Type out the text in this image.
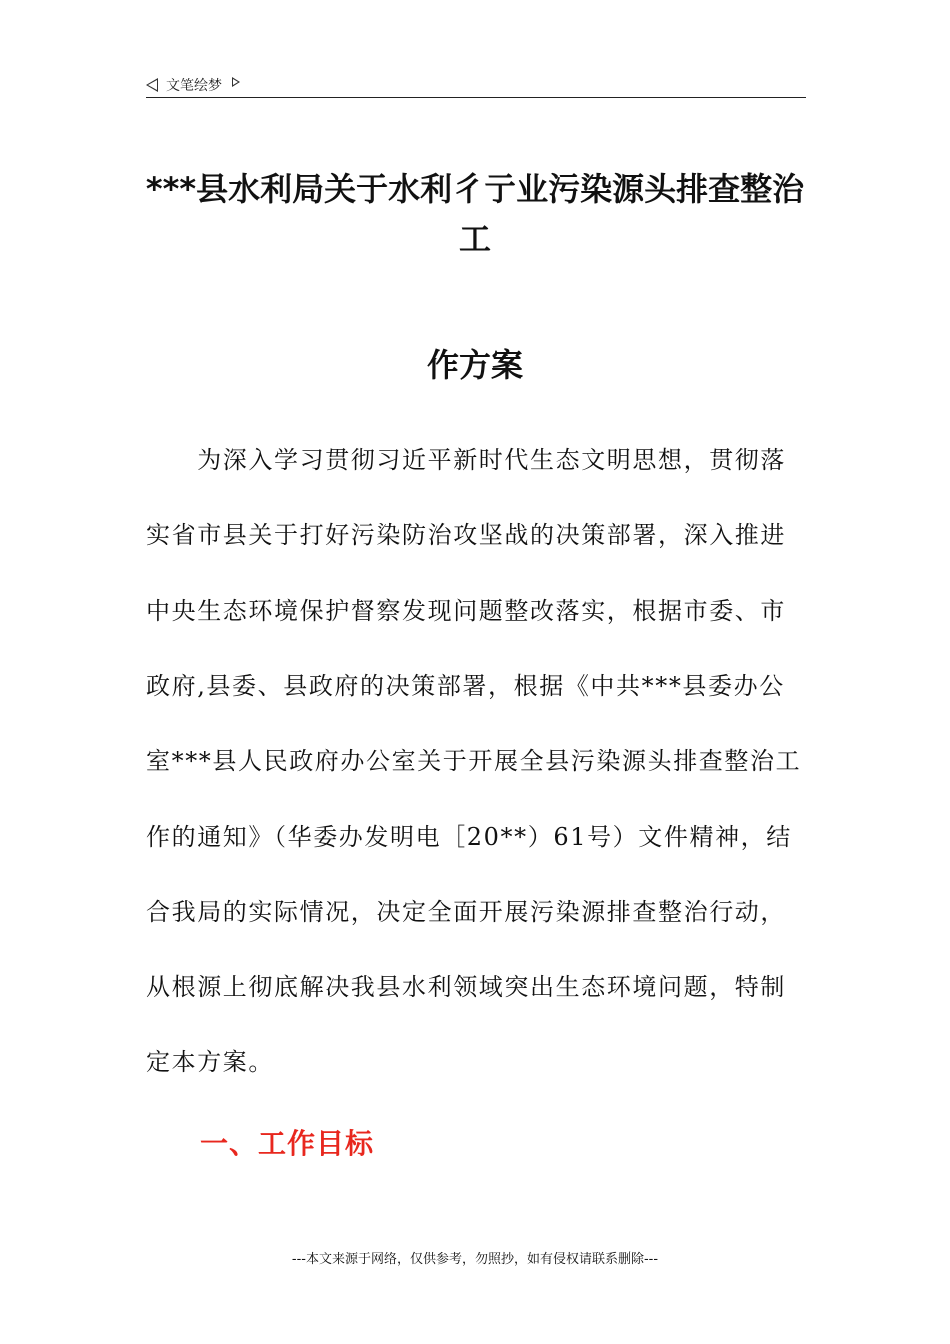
文笔绘梦
***县水利局关于水利彳亍业污染源头排查整治
工
作方案
　　为深入学习贯彻习近平新时代生态文明思想，贯彻落
实省市县关于打好污染防治攻坚战的决策部署，深入推进
中央生态环境保护督察发现问题整改落实，根据市委、市
政府,县委、县政府的决策部署，根据《中共***县委办公
室***县人民政府办公室关于开展全县污染源头排查整治工
作的通知》（华委办发明电［20**）61号）文件精神，结
合我局的实际情况，决定全面开展污染源排查整治行动，
从根源上彻底解决我县水利领域突出生态环境问题，特制
定本方案。
一、工作目标
---本文来源于网络，仅供参考，勿照抄，如有侵权请联系删除---
